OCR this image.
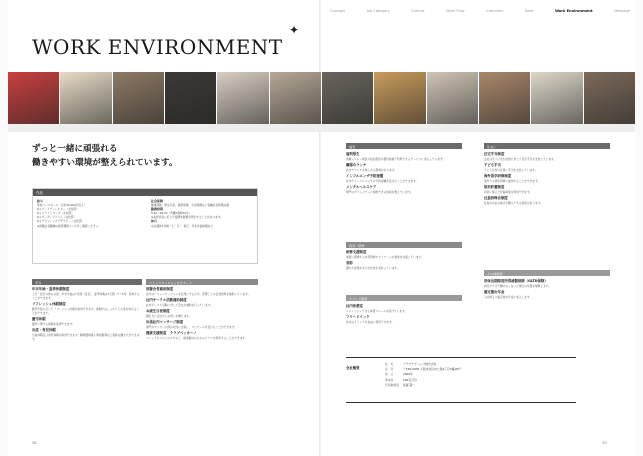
Concept	Job Category	Culture	Work Flow	Interview	Data	Work Environment	Message
WORK ENVIRONMENT
✦
ずっと一緒に頑張れる
働きやすい環境が整えられています。
作品
給与
草加ベースボール（月給30,000円以上）
[1] アートディレクター（文化部）
[1] クラフトワーク（文化部）
[1] グーディアイリン（文化部）
[1] グラフィックデザイナー（文化部）
※詳細は各職種の採用情報ページをご確認ください。
社会保険
健康保険、厚生年金、雇用保険、労災保険など各種社会保険完備
勤務時間
9:30〜18:30（実働7時間30分）
※案件状況に応じて時間外勤務が発生することがあります。
休日
完全週休2日制（土・日）、祝日、年末年始休暇など
手当
年末年始・夏季休暇制度
土日・祝日の休みの他、年末年始は7日間（目安）、夏季休暇は3日間（7〜9月）取得することができます。
リフレッシュ休暇制度
勤続年数に応じてリフレッシュ休暇を取得できます。休暇中はしっかりと心身を休めることができます。
慶弔休暇
慶弔に関する休暇を取得できます。
出産・育児休暇
出産休暇及び育児休暇を取得できます。職場復帰後も時短勤務など柔軟な働き方ができます。
コミュニケーションをサポート
部署会食補助制度
社内のコミュニケーションを活発にするため、部署ごとの会食費用を補助しています。
社内サークル活動補助制度
社内サークル活動に対して会社が補助を行っています。
お誕生日祝制度
誕生月に会社からお祝いを贈ります。
出張社内マッサージ制度
専門のマッサージ師が社内に出張し、マッサージを受けることができます。
健康支援制度　クラブベッカーノ
フィットネスジムやヨガなど、健康維持のためのクラブを利用することができます。
福利
福利厚生
各種レジャー施設や宿泊施設を優待価格で利用できるサービスに加入しています。
職場のランチ
社内でランチを楽しめる環境があります。
インフルエンザ予防接種
社内でインフルエンザの予防接種を受けることができます。
メンタルヘルスケア
専門のカウンセラーに相談できる体制を整えています。
教育／研修
研修支援制度
業務に関連する外部研修やセミナーへの参加を支援しています。
表彰
優れた成果をあげた社員を表彰しています。
オフィス環境
社内休憩室
リフレッシュできる休憩スペースを設けています。
フリードリンク
社内のドリンクを自由に利用できます。
住まい
住宅手当制度
会社の近くに住む社員に対して住宅手当を支給しています。
子ども手当
子どもを持つ社員に手当を支給しています。
海外語学研修制度
海外での語学研修に参加することができます。
財形貯蓄制度
将来に備えた貯蓄制度を利用できます。
社員持株会制度
社員が自社の株式を購入できる制度があります。
その他制度
団体長期障害所得補償保険（GLTD保険）
病気やケガで働けなくなった場合の所得を補償します。
確定拠出年金
入社時より確定拠出年金に加入します。
会社概要
社　名	プラチナゲームズ株式会社
住　所	〒530-0005 大阪市北区中之島2丁目3番18号
設　立	2006年
資本金	100百万円
代表取締役 佐藤 賢一
28	29
